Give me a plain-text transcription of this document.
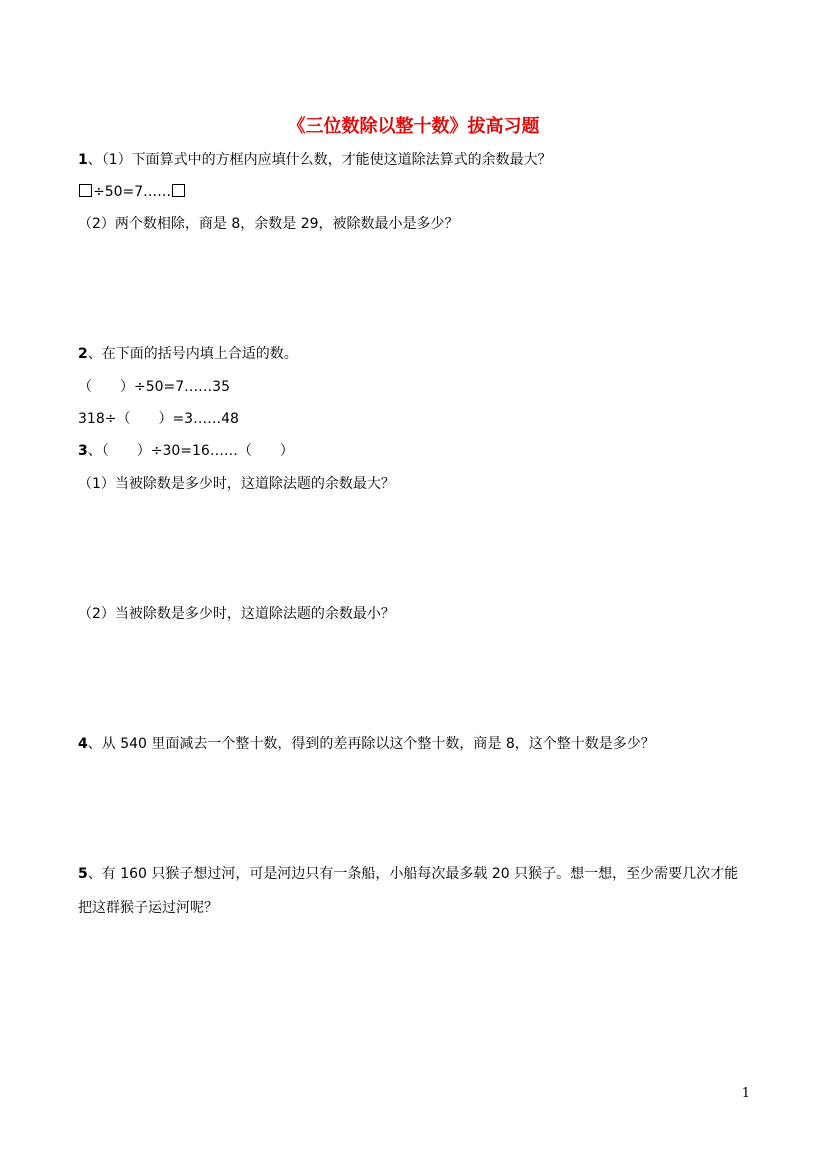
《三位数除以整十数》拔高习题
1、（1）下面算式中的方框内应填什么数，才能使这道除法算式的余数最大？
÷50=7……
（2）两个数相除，商是 8，余数是 29，被除数最小是多少？
2、在下面的括号内填上合适的数。
（　　）÷50=7……35
318÷（　　）=3……48
3、（　　）÷30=16……（　　）
（1）当被除数是多少时，这道除法题的余数最大？
（2）当被除数是多少时，这道除法题的余数最小？
4、从 540 里面减去一个整十数，得到的差再除以这个整十数，商是 8，这个整十数是多少？
5、有 160 只猴子想过河，可是河边只有一条船，小船每次最多载 20 只猴子。想一想，至少需要几次才能
把这群猴子运过河呢？
1
